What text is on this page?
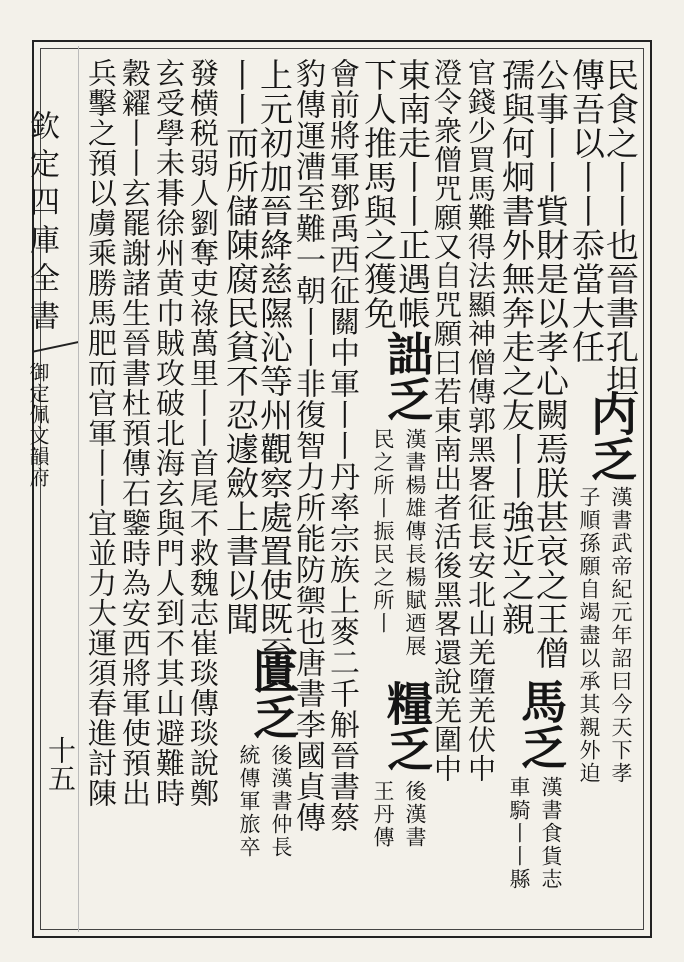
欽定四庫全書
御定佩文韻府
十五
民食之丨丨也晉書孔坦
傳吾以丨丨忝當大任
内乏
漢書武帝紀元年詔曰今天下孝
子順孫願自竭盡以承其親外迫
公事丨丨貲財是以孝心闕焉朕甚哀之王僧
孺與何炯書外無奔走之友丨丨強近之親
馬乏
漢書食貨志
車騎丨丨縣
官錢少買馬難得法顯神僧傳郭黑畧征長安北山羌墮羌伏中
澄令衆僧咒願又自咒願曰若東南出者活後黑畧還說羌圍中
東南走丨丨正遇帳
下人推馬與之獲免
詘乏
漢書楊雄傳長楊賦迺展
民之所丨振民之所丨
糧乏
後漢書
王丹傳
會前將軍鄧禹西征關中軍丨丨丹率宗族上麥二千斛晉書蔡
豹傳運漕至難一朝丨丨非復智力所能防禦也唐書李國貞傳
上元初加晉絳慈隰沁等州觀察處置使既至
丨丨而所儲陳腐民貧不忍遽斂上書以聞
匱乏
後漢書仲長
統傳軍旅卒
發横税弱人劉奪吏祿萬里丨丨首尾不救魏志崔琰傳琰說鄭
玄受學未朞徐州黄巾賊攻破北海玄與門人到不其山避難時
穀糴丨丨玄罷謝諸生晉書杜預傳石鑒時為安西將軍使預出
兵擊之預以虜乘勝馬肥而官軍丨丨宜並力大運須春進討陳
